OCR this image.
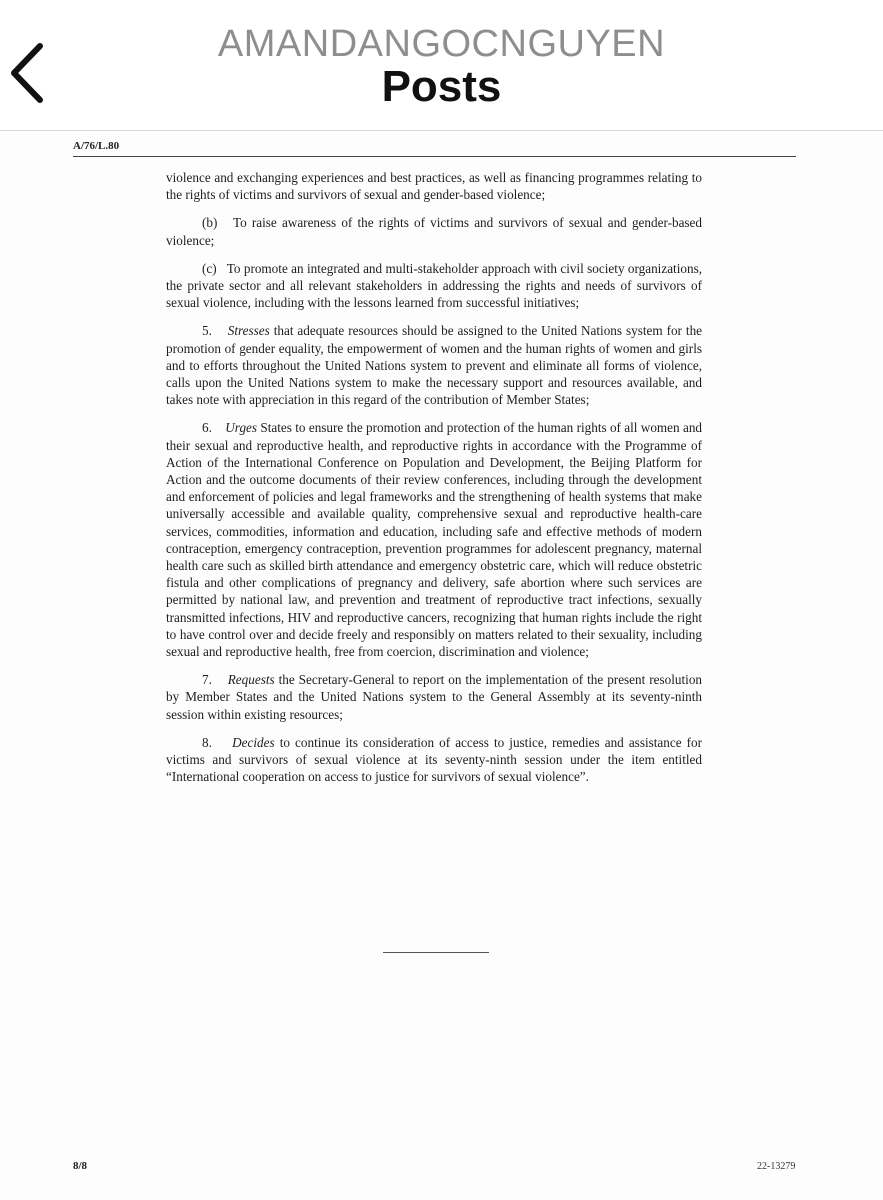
AMANDANGOCNGUYEN
Posts
A/76/L.80

violence and exchanging experiences and best practices, as well as financing programmes relating to the rights of victims and survivors of sexual and gender-based violence;

(b) To raise awareness of the rights of victims and survivors of sexual and gender-based violence;

(c) To promote an integrated and multi-stakeholder approach with civil society organizations, the private sector and all relevant stakeholders in addressing the rights and needs of survivors of sexual violence, including with the lessons learned from successful initiatives;

5. Stresses that adequate resources should be assigned to the United Nations system for the promotion of gender equality, the empowerment of women and the human rights of women and girls and to efforts throughout the United Nations system to prevent and eliminate all forms of violence, calls upon the United Nations system to make the necessary support and resources available, and takes note with appreciation in this regard of the contribution of Member States;

6. Urges States to ensure the promotion and protection of the human rights of all women and their sexual and reproductive health, and reproductive rights in accordance with the Programme of Action of the International Conference on Population and Development, the Beijing Platform for Action and the outcome documents of their review conferences, including through the development and enforcement of policies and legal frameworks and the strengthening of health systems that make universally accessible and available quality, comprehensive sexual and reproductive health-care services, commodities, information and education, including safe and effective methods of modern contraception, emergency contraception, prevention programmes for adolescent pregnancy, maternal health care such as skilled birth attendance and emergency obstetric care, which will reduce obstetric fistula and other complications of pregnancy and delivery, safe abortion where such services are permitted by national law, and prevention and treatment of reproductive tract infections, sexually transmitted infections, HIV and reproductive cancers, recognizing that human rights include the right to have control over and decide freely and responsibly on matters related to their sexuality, including sexual and reproductive health, free from coercion, discrimination and violence;

7. Requests the Secretary-General to report on the implementation of the present resolution by Member States and the United Nations system to the General Assembly at its seventy-ninth session within existing resources;

8. Decides to continue its consideration of access to justice, remedies and assistance for victims and survivors of sexual violence at its seventy-ninth session under the item entitled “International cooperation on access to justice for survivors of sexual violence”.

8/8	22-13279
